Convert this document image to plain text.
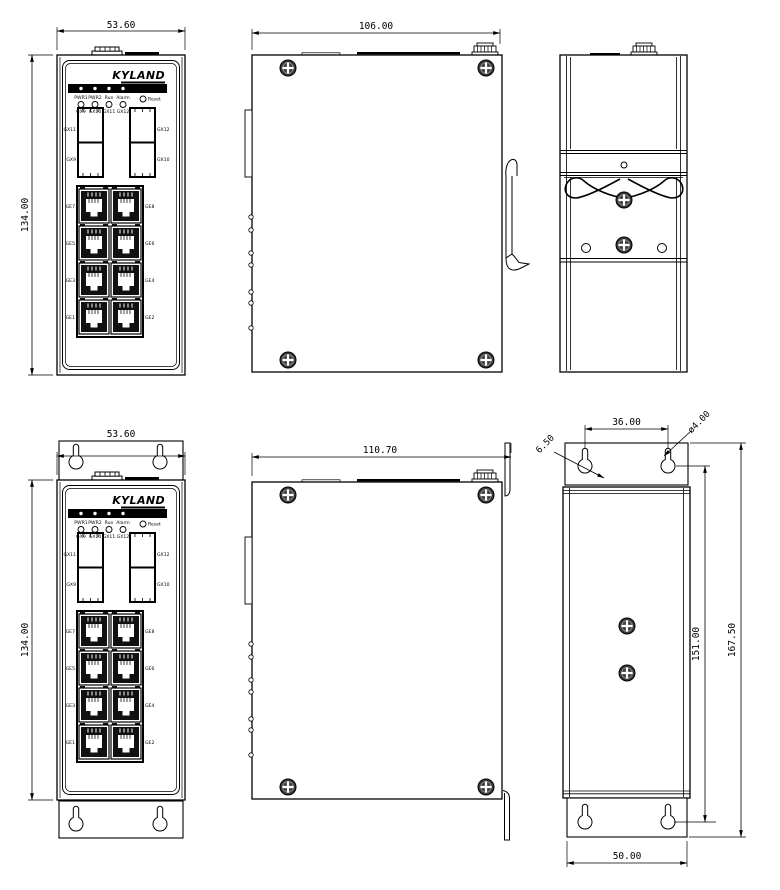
53.60
134.00
KYLAND
PWR1 PWR2 Run Alarm	Reset
GX9 GX10 GX11 GX12
GX11
GX9
GX12
GX10
GE7
GE5
GE3
GE1
GE8
GE6
GE4
GE2
106.00
53.60
134.00
KYLAND
PWR1 PWR2 Run Alarm	Reset
GX9 GX10 GX11 GX12
GX11
GX9
GX12
GX10
GE7
GE5
GE3
GE1
GE8
GE6
GE4
GE2
110.70
36.00	ø4.00
6.50
151.00	167.50
50.00
